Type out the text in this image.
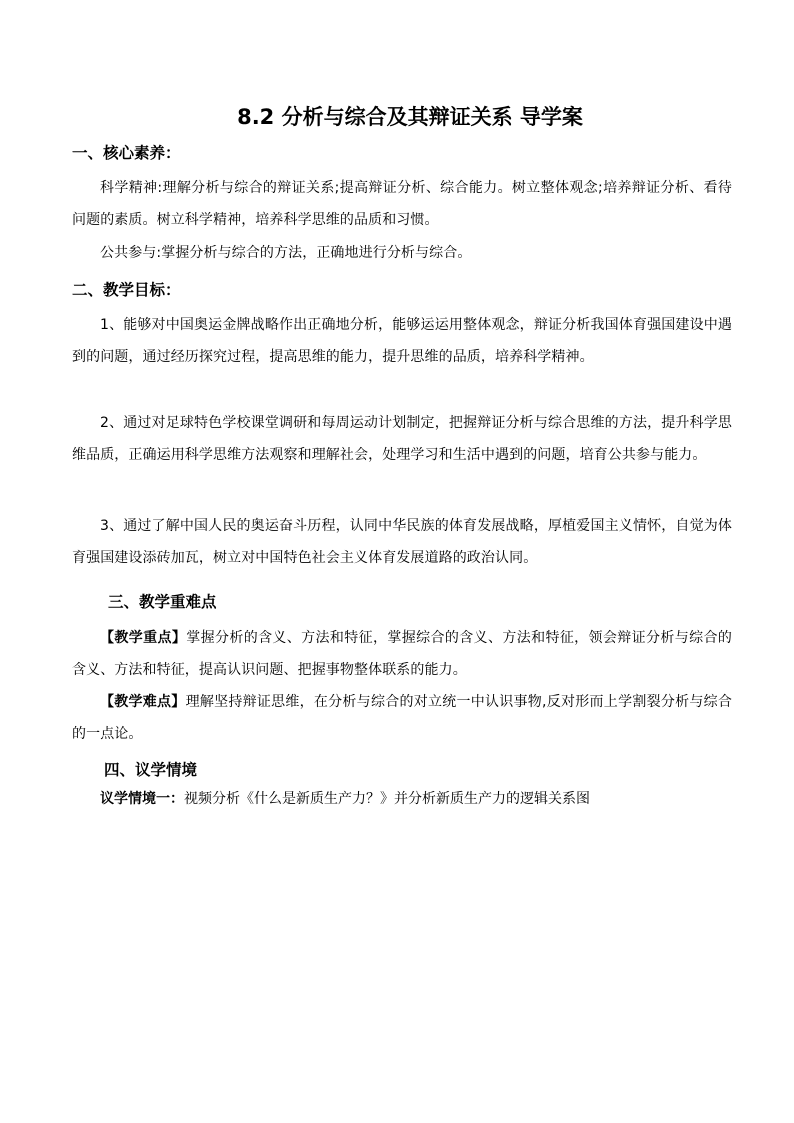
8.2 分析与综合及其辩证关系 导学案
一、核心素养：
科学精神:理解分析与综合的辩证关系;提高辩证分析、综合能力。树立整体观念;培养辩证分析、看待问题的素质。树立科学精神，培养科学思维的品质和习惯。
公共参与:掌握分析与综合的方法，正确地进行分析与综合。
二、教学目标：
1、能够对中国奥运金牌战略作出正确地分析，能够运运用整体观念，辩证分析我国体育强国建设中遇到的问题，通过经历探究过程，提高思维的能力，提升思维的品质，培养科学精神。
2、通过对足球特色学校课堂调研和每周运动计划制定，把握辩证分析与综合思维的方法，提升科学思维品质，正确运用科学思维方法观察和理解社会，处理学习和生活中遇到的问题，培育公共参与能力。
3、通过了解中国人民的奥运奋斗历程，认同中华民族的体育发展战略，厚植爱国主义情怀，自觉为体育强国建设添砖加瓦，树立对中国特色社会主义体育发展道路的政治认同。
三、教学重难点
【教学重点】掌握分析的含义、方法和特征，掌握综合的含义、方法和特征，领会辩证分析与综合的含义、方法和特征，提高认识问题、把握事物整体联系的能力。
【教学难点】理解坚持辩证思维，在分析与综合的对立统一中认识事物,反对形而上学割裂分析与综合的一点论。
四、议学情境
议学情境一：视频分析《什么是新质生产力？》并分析新质生产力的逻辑关系图
